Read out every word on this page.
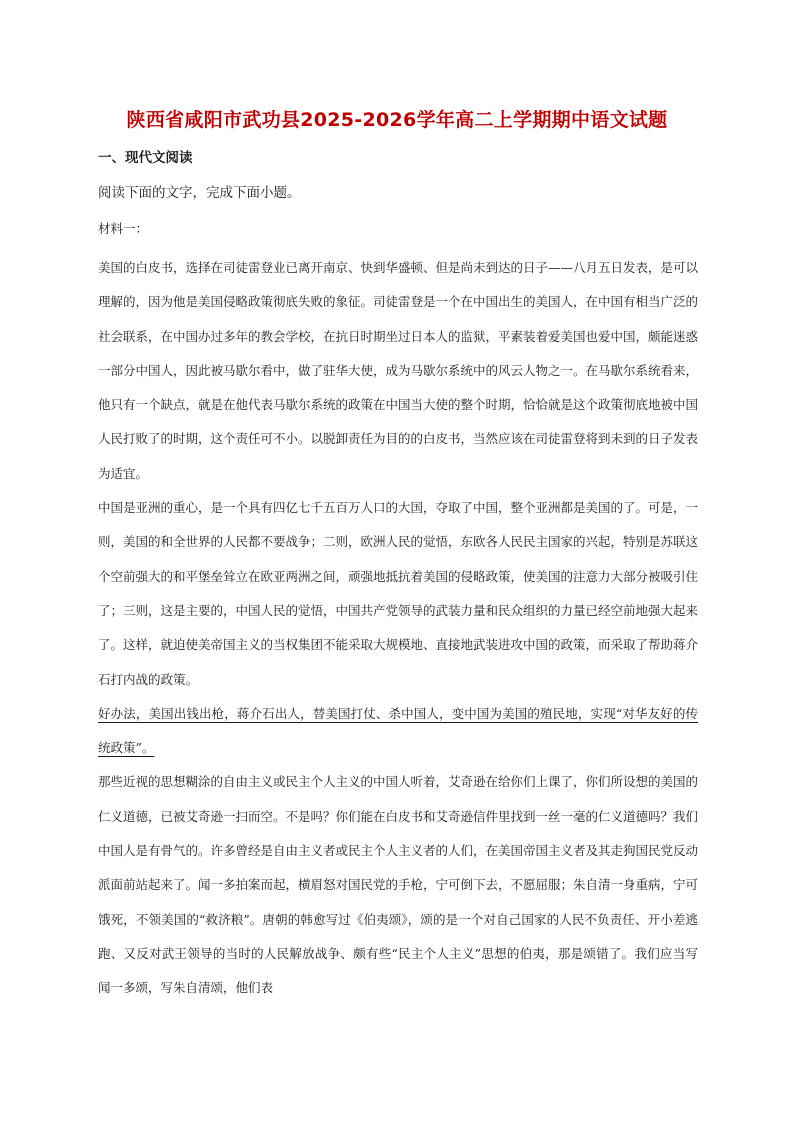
陕西省咸阳市武功县2025-2026学年高二上学期期中语文试题
一、现代文阅读
阅读下面的文字，完成下面小题。
材料一：

美国的白皮书，选择在司徒雷登业已离开南京、快到华盛顿、但是尚未到达的日子——八月五日发表，是可以理解的，因为他是美国侵略政策彻底失败的象征。司徒雷登是一个在中国出生的美国人，在中国有相当广泛的社会联系，在中国办过多年的教会学校，在抗日时期坐过日本人的监狱，平素装着爱美国也爱中国，颇能迷惑一部分中国人，因此被马歇尔看中，做了驻华大使，成为马歇尔系统中的风云人物之一。在马歇尔系统看来，他只有一个缺点，就是在他代表马歇尔系统的政策在中国当大使的整个时期，恰恰就是这个政策彻底地被中国人民打败了的时期，这个责任可不小。以脱卸责任为目的的白皮书，当然应该在司徒雷登将到未到的日子发表为适宜。

中国是亚洲的重心，是一个具有四亿七千五百万人口的大国，夺取了中国，整个亚洲都是美国的了。可是，一则，美国的和全世界的人民都不要战争；二则，欧洲人民的觉悟，东欧各人民民主国家的兴起，特别是苏联这个空前强大的和平堡垒耸立在欧亚两洲之间，顽强地抵抗着美国的侵略政策，使美国的注意力大部分被吸引住了；三则，这是主要的，中国人民的觉悟，中国共产党领导的武装力量和民众组织的力量已经空前地强大起来了。这样，就迫使美帝国主义的当权集团不能采取大规模地、直接地武装进攻中国的政策，而采取了帮助蒋介石打内战的政策。

好办法，美国出钱出枪，蒋介石出人，替美国打仗、杀中国人，变中国为美国的殖民地，实现“对华友好的传统政策”。

那些近视的思想糊涂的自由主义或民主个人主义的中国人听着，艾奇逊在给你们上课了，你们所设想的美国的仁义道德，已被艾奇逊一扫而空。不是吗？你们能在白皮书和艾奇逊信件里找到一丝一毫的仁义道德吗？我们中国人是有骨气的。许多曾经是自由主义者或民主个人主义者的人们，在美国帝国主义者及其走狗国民党反动派面前站起来了。闻一多拍案而起，横眉怒对国民党的手枪，宁可倒下去，不愿屈服；朱自清一身重病，宁可饿死，不领美国的“救济粮”。唐朝的韩愈写过《伯夷颂》，颂的是一个对自己国家的人民不负责任、开小差逃跑、又反对武王领导的当时的人民解放战争、颇有些“民主个人主义”思想的伯夷，那是颂错了。我们应当写闻一多颂，写朱自清颂，他们表
